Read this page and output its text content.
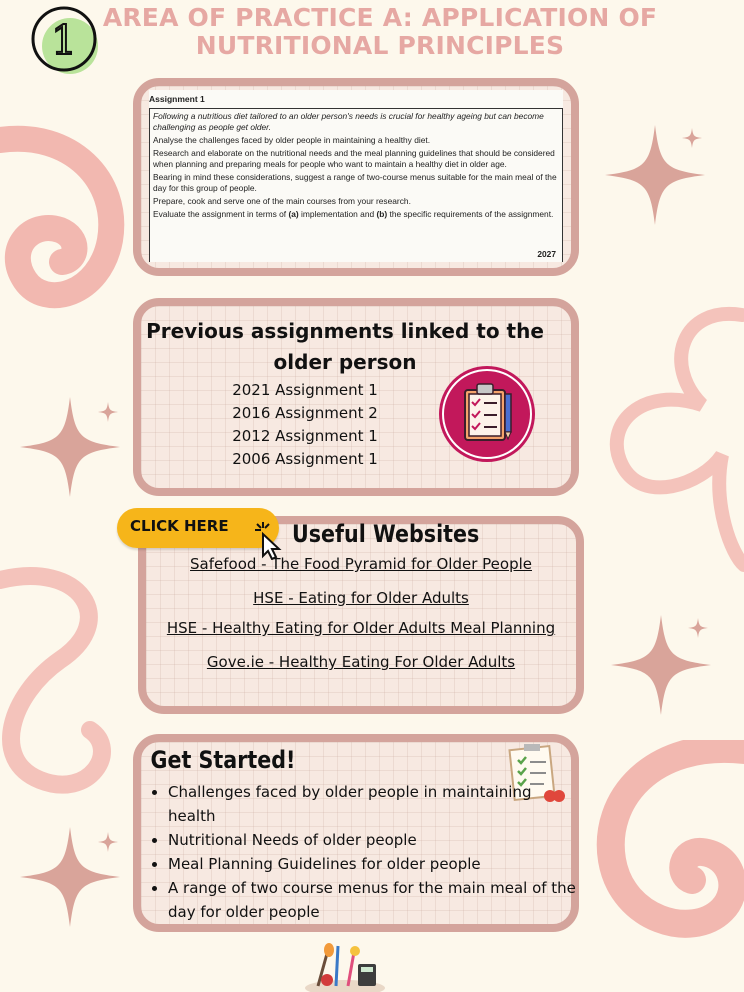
1
AREA OF PRACTICE A: APPLICATION OF
NUTRITIONAL PRINCIPLES
Assignment 1

Following a nutritious diet tailored to an older person's needs is crucial for healthy ageing but can become challenging as people get older.

Analyse the challenges faced by older people in maintaining a healthy diet.

Research and elaborate on the nutritional needs and the meal planning guidelines that should be considered when planning and preparing meals for people who want to maintain a healthy diet in older age.

Bearing in mind these considerations, suggest a range of two-course menus suitable for the main meal of the day for this group of people.

Prepare, cook and serve one of the main courses from your research.

Evaluate the assignment in terms of (a) implementation and (b) the specific requirements of the assignment.

2027
Previous assignments linked to the older person
2021 Assignment 1
2016 Assignment 2
2012 Assignment 1
2006 Assignment 1
CLICK HERE	Useful Websites
Safefood - The Food Pyramid for Older People
HSE - Eating for Older Adults
HSE - Healthy Eating for Older Adults Meal Planning
Gove.ie - Healthy Eating For Older Adults
Get Started!
• Challenges faced by older people in maintaining health
• Nutritional Needs of older people
• Meal Planning Guidelines for older people
• A range of two course menus for the main meal of the day for older people
